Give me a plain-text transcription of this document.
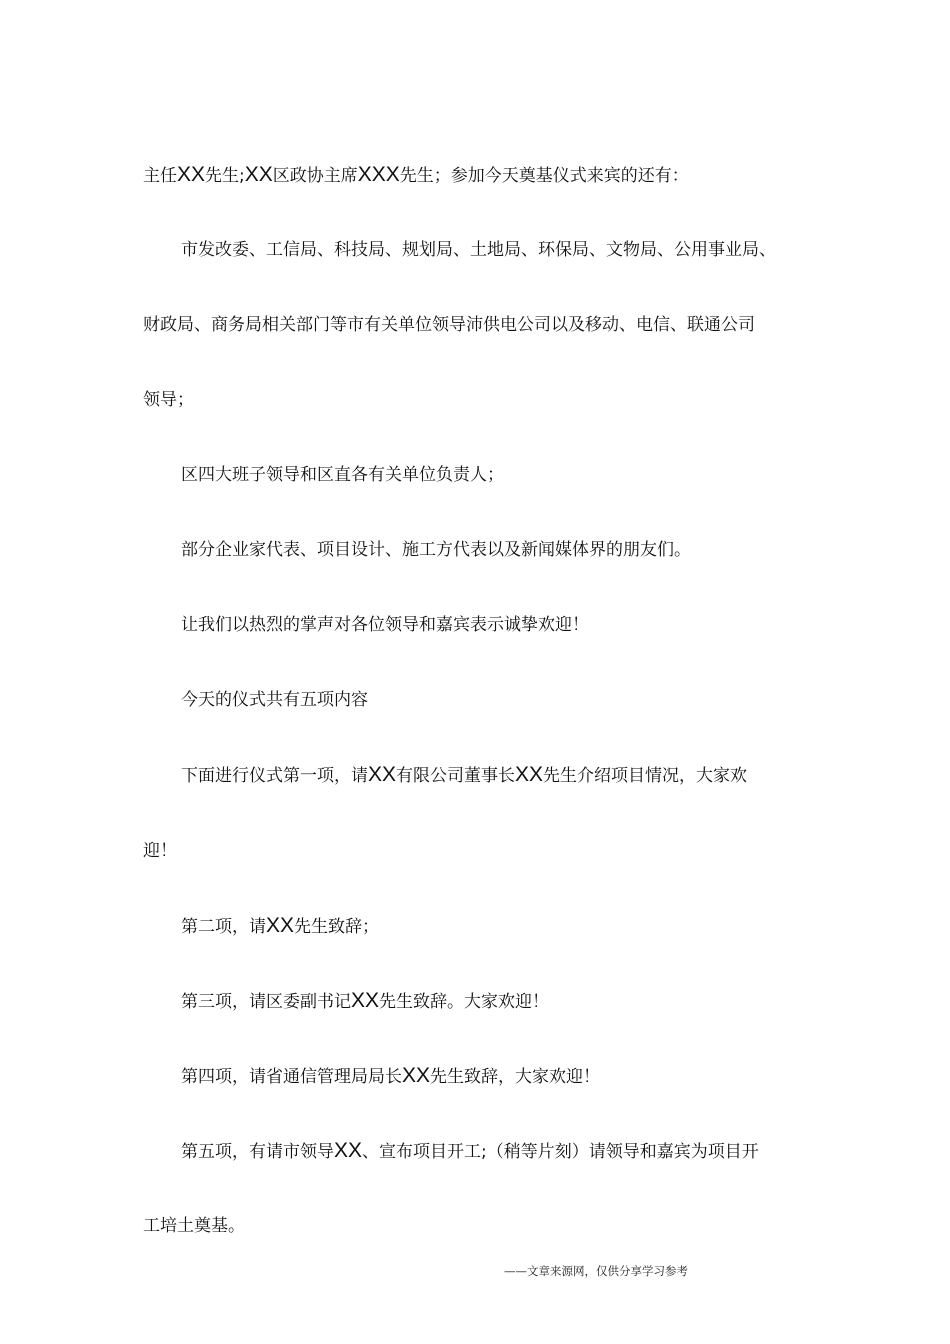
主任XX先生;XX区政协主席XXX先生；参加今天奠基仪式来宾的还有：
市发改委、工信局、科技局、规划局、土地局、环保局、文物局、公用事业局、
财政局、商务局相关部门等市有关单位领导沛供电公司以及移动、电信、联通公司
领导；
区四大班子领导和区直各有关单位负责人；
部分企业家代表、项目设计、施工方代表以及新闻媒体界的朋友们。
让我们以热烈的掌声对各位领导和嘉宾表示诚挚欢迎！
今天的仪式共有五项内容
下面进行仪式第一项，请XX有限公司董事长XX先生介绍项目情况，大家欢
迎！
第二项，请XX先生致辞；
第三项，请区委副书记XX先生致辞。大家欢迎！
第四项，请省通信管理局局长XX先生致辞，大家欢迎！
第五项，有请市领导XX、宣布项目开工;（稍等片刻）请领导和嘉宾为项目开
工培土奠基。
——文章来源网，仅供分享学习参考
